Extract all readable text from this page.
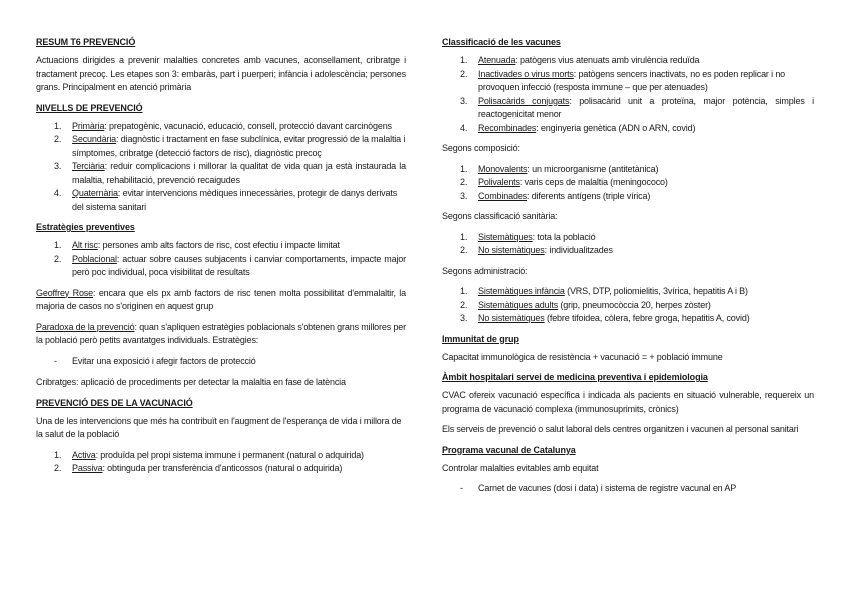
RESUM T6 PREVENCIÓ
Actuacions dirigides a prevenir malalties concretes amb vacunes, aconsellament, cribratge i tractament precoç. Les etapes son 3: embaràs, part i puerperi; infància i adolescència; persones grans. Principalment en atenció primària
NIVELLS DE PREVENCIÓ
1. Primària: prepatogènic, vacunació, educació, consell, protecció davant carcinògens
2. Secundària: diagnòstic i tractament en fase subclínica, evitar progressió de la malaltia i símptomes, cribratge (detecció factors de risc), diagnòstic precoç
3. Terciària: reduir complicacions i millorar la qualitat de vida quan ja està instaurada la malaltia, rehabilitació, prevenció recaigudes
4. Quaternària: evitar intervencions mèdiques innecessàries, protegir de danys derivats del sistema sanitari
Estratègies preventives
1. Alt risc: persones amb alts factors de risc, cost efectiu i impacte limitat
2. Poblacional: actuar sobre causes subjacents i canviar comportaments, impacte major però poc individual, poca visibilitat de resultats
Geoffrey Rose: encara que els px amb factors de risc tenen molta possibilitat d'emmalaltir, la majoria de casos no s'originen en aquest grup
Paradoxa de la prevenció: quan s'apliquen estratègies poblacionals s'obtenen grans millores per la població però petits avantatges individuals. Estratègies:
- Evitar una exposició i afegir factors de protecció
Cribratges: aplicació de procediments per detectar la malaltia en fase de latència
PREVENCIÓ DES DE LA VACUNACIÓ
Una de les intervencions que més ha contribuït en l'augment de l'esperança de vida i millora de la salut de la població
1. Activa: produïda pel propi sistema immune i permanent (natural o adquirida)
2. Passiva: obtinguda per transferència d'anticossos (natural o adquirida)
Classificació de les vacunes
1. Atenuada: patògens vius atenuats amb virulència reduïda
2. Inactivades o virus morts: patògens sencers inactivats, no es poden replicar i no provoquen infecció (resposta immune – que per atenuades)
3. Polisacàrids conjugats: polisacàrid unit a proteïna, major potència, simples i reactogenicitat menor
4. Recombinades: enginyeria genètica (ADN o ARN, covid)
Segons composició:
1. Monovalents: un microorganisme (antitetànica)
2. Polivalents: varis ceps de malaltia (meningococo)
3. Combinades: diferents antígens (triple vírica)
Segons classificació sanitària:
1. Sistemàtiques: tota la població
2. No sistemàtiques: individualitzades
Segons administració:
1. Sistemàtiques infància (VRS, DTP, poliomielitis, 3vírica, hepatitis A i B)
2. Sistemàtiques adults (grip, pneumocòccia 20, herpes zòster)
3. No sistemàtiques (febre tifoidea, còlera, febre groga, hepatitis A, covid)
Immunitat de grup
Capacitat immunològica de resistència + vacunació = + població immune
Àmbit hospitalari servei de medicina preventiva i epidemiologia
CVAC ofereix vacunació específica i indicada als pacients en situació vulnerable, requereix un programa de vacunació complexa (immunosuprimits, crònics)
Els serveis de prevenció o salut laboral dels centres organitzen i vacunen al personal sanitari
Programa vacunal de Catalunya
Controlar malalties evitables amb equitat
- Carnet de vacunes (dosi i data) i sistema de registre vacunal en AP
